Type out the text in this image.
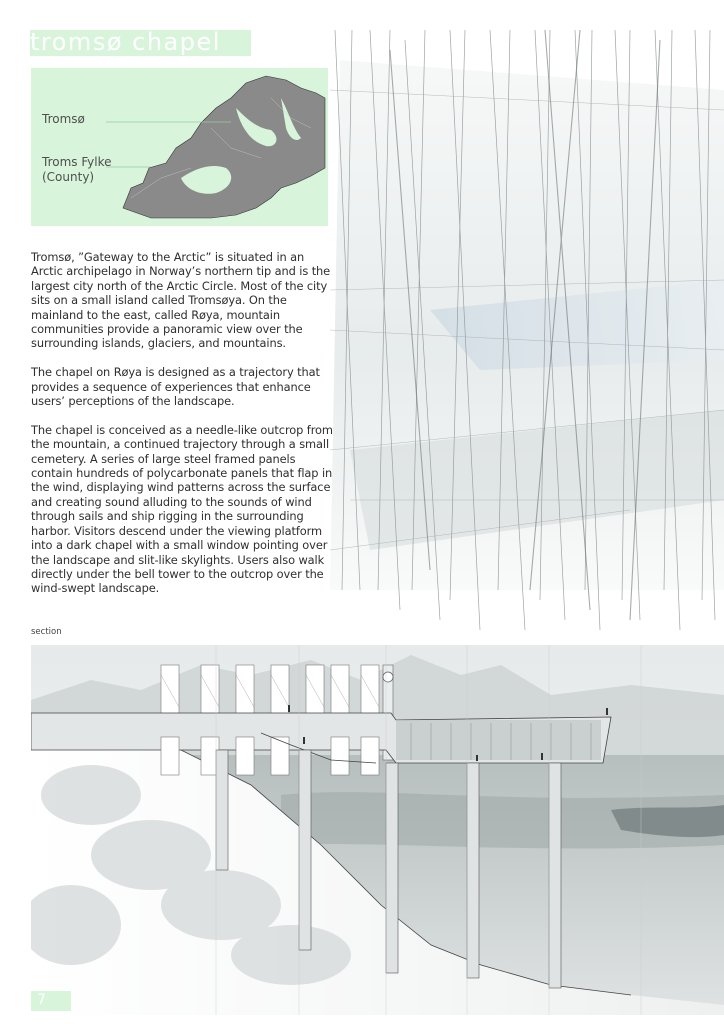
tromsø chapel
Tromsø
Troms Fylke
(County)

Tromsø, ”Gateway to the Arctic” is situated in an Arctic archipelago in Norway’s northern tip and is the largest city north of the Arctic Circle. Most of the city sits on a small island called Tromsøya. On the mainland to the east, called Røya, mountain communities provide a panoramic view over the surrounding islands, glaciers, and mountains.

The chapel on Røya is designed as a trajectory that provides a sequence of experiences that enhance users’ perceptions of the landscape.

The chapel is conceived as a needle-like outcrop from the mountain, a continued trajectory through a small cemetery. A series of large steel framed panels contain hundreds of polycarbonate panels that flap in the wind, displaying wind patterns across the surface and creating sound alluding to the sounds of wind through sails and ship rigging in the surrounding harbor. Visitors descend under the viewing platform into a dark chapel with a small window pointing over the landscape and slit-like skylights. Users also walk directly under the bell tower to the outcrop over the wind-swept landscape.

section
7
